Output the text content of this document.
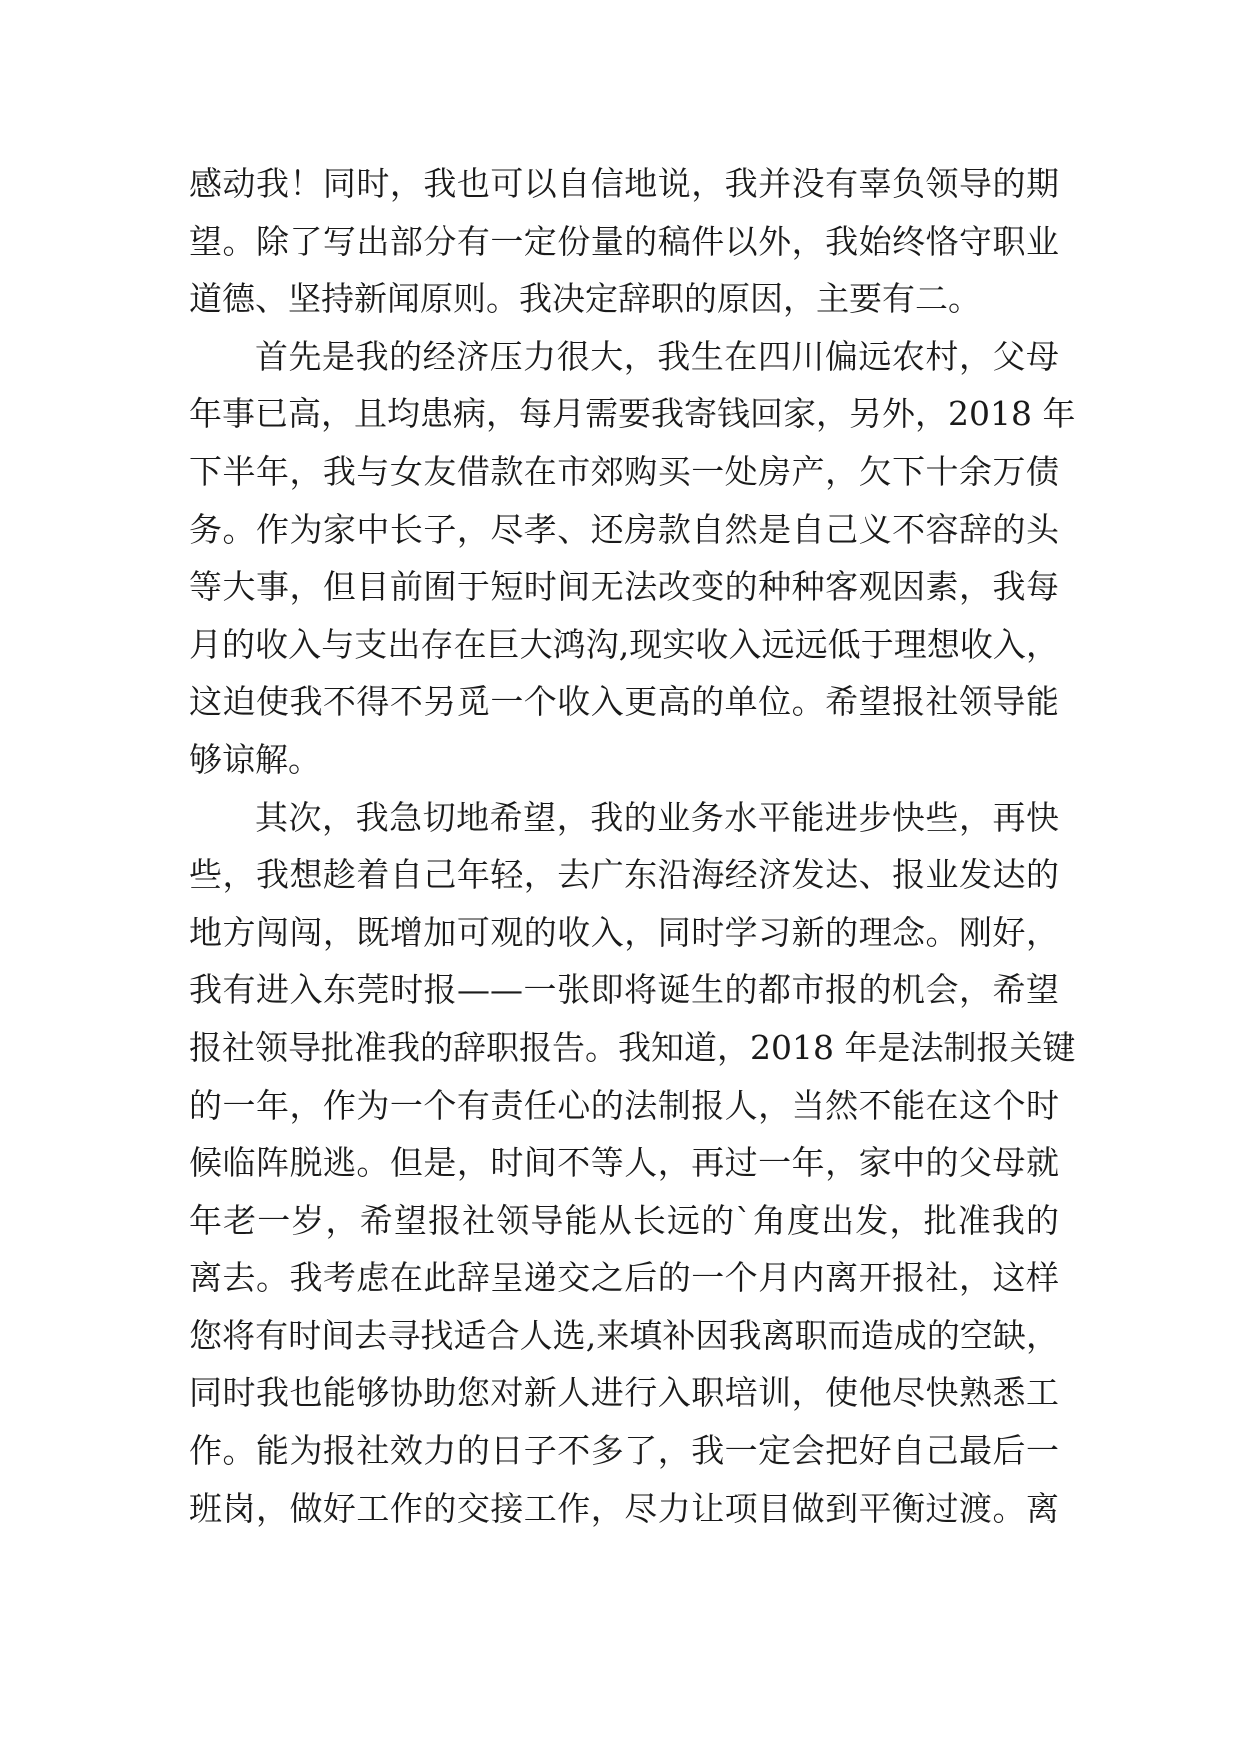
感动我！同时，我也可以自信地说，我并没有辜负领导的期
望。除了写出部分有一定份量的稿件以外，我始终恪守职业
道德、坚持新闻原则。我决定辞职的原因，主要有二。
首先是我的经济压力很大，我生在四川偏远农村，父母
年事已高，且均患病，每月需要我寄钱回家，另外，2018 年
下半年，我与女友借款在市郊购买一处房产，欠下十余万债
务。作为家中长子，尽孝、还房款自然是自己义不容辞的头
等大事，但目前囿于短时间无法改变的种种客观因素，我每
月的收入与支出存在巨大鸿沟,现实收入远远低于理想收入，
这迫使我不得不另觅一个收入更高的单位。希望报社领导能
够谅解。
其次，我急切地希望，我的业务水平能进步快些，再快
些，我想趁着自己年轻，去广东沿海经济发达、报业发达的
地方闯闯，既增加可观的收入，同时学习新的理念。刚好，
我有进入东莞时报——一张即将诞生的都市报的机会，希望
报社领导批准我的辞职报告。我知道，2018 年是法制报关键
的一年，作为一个有责任心的法制报人，当然不能在这个时
候临阵脱逃。但是，时间不等人，再过一年，家中的父母就
年老一岁，希望报社领导能从长远的`角度出发，批准我的
离去。我考虑在此辞呈递交之后的一个月内离开报社，这样
您将有时间去寻找适合人选,来填补因我离职而造成的空缺，
同时我也能够协助您对新人进行入职培训，使他尽快熟悉工
作。能为报社效力的日子不多了，我一定会把好自己最后一
班岗，做好工作的交接工作，尽力让项目做到平衡过渡。离
